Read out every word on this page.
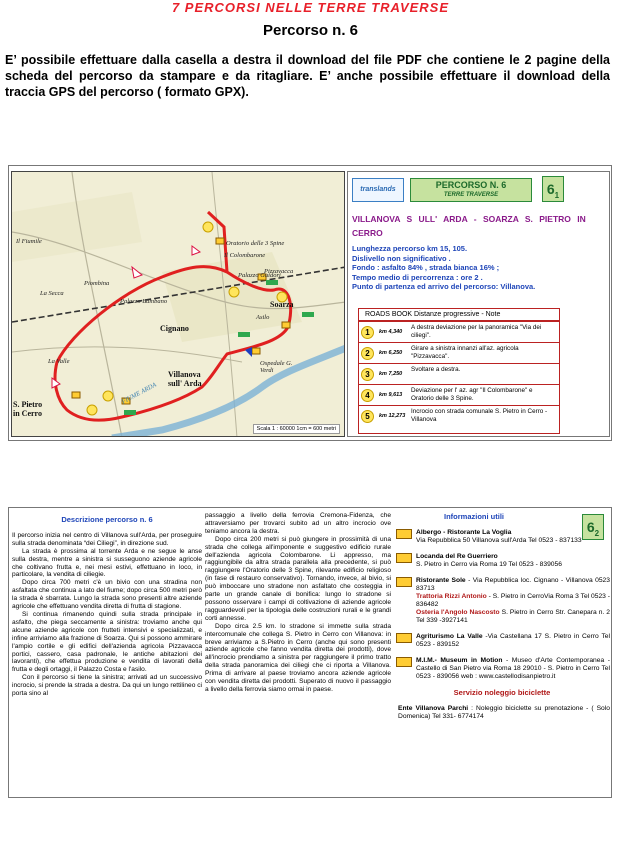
7 PERCORSI NELLE TERRE TRAVERSE
Percorso n. 6
E’ possibile effettuare dalla casella a destra il download del file PDF che contiene le 2 pagine della scheda del percorso da stampare e da ritagliare. E’ anche possibile effettuare il download della traccia GPS del percorso ( formato GPX).
Il Fiumile
La Secca
Piombina
Palazzo Bambano
Cignano
La Valle
S. Pietro in Cerro
Villanova sull' Arda
Soarza
Oratorio delle 3 Spine
Il Colombarone
Pizzavacca
Palazzo Guidori
Asilo
Ospedale G. Verdi
FIUME ARDA
Scala 1 : 60000 1cm = 600 metri
translands	PERCORSO N. 6
TERRE TRAVERSE	$6_1$
VILLANOVA S ULL' ARDA - SOARZA S. PIETRO IN CERRO
Lunghezza percorso km 15, 105.
Dislivello non significativo .
Fondo : asfalto 84% , strada bianca 16% ;
Tempo medio di percorrenza : ore 2 .
Punto di partenza ed arrivo del percorso: Villanova.
ROADS BOOK Distanze progressive - Note
1	km 4,340
A destra deviazione per la panoramica "Via dei ciliegi".
2	km 6,250
Girare a sinistra innanzi all'az. agricola "Pizzavacca".
3	km 7,250
Svoltare a destra.
4	km 9,613
Deviazione per l' az. agr "Il Colombarone" e Oratorio delle 3 Spine.
5	km 12,273
Incrocio con strada comunale S. Pietro in Cerro - Villanova
Descrizione percorso n. 6

Il percorso inizia nel centro di Villanova sull'Arda, per proseguire sulla strada denominata “dei Ciliegi”, in direzione sud.

La strada è prossima al torrente Arda e ne segue le anse sulla destra, mentre a sinistra si susseguono aziende agricole che coltivano frutta e, nei mesi estivi, effettuano in loco, in particolare, la vendita di ciliegie.

Dopo circa 700 metri c'è un bivio con una stradina non asfaltata che continua a lato del fiume; dopo circa 500 metri però la strada è sbarrata. Lungo la strada sono presenti altre aziende agricole che effettuano vendita diretta di frutta di stagione.

Si continua rimanendo quindi sulla strada principale in asfalto, che piega seccamente a sinistra: troviamo anche qui alcune aziende agricole con frutteti intensivi e specializzati, e infine arriviamo alla frazione di Soarza. Qui si possono ammirare l'ampio cortile e gli edifici dell'azienda agricola Pizzavacca portici, cassero, casa padronale, le antiche abitazioni dei lavoranti), che effettua produzione e vendita di lavorati della frutta e degli ortaggi, il Palazzo Costa e l'asilo.

Con il percorso si tiene la sinistra; arrivati ad un successivo incrocio, si prende la strada a destra. Da qui un lungo rettilineo ci porta sino al

passaggio a livello della ferrovia Cremona-Fidenza, che attraversiamo per trovarci subito ad un altro incrocio ove teniamo ancora la destra.

Dopo circa 200 metri si può giungere in prossimità di una strada che collega all'imponente e suggestivo edificio rurale dell'azienda agricola Colombarone. Li appresso, ma raggiungibile da altra strada parallela alla precedente, si può raggiungere l'Oratorio delle 3 Spine, rilevante edificio religioso (in fase di restauro conservativo). Tornando, invece, al bivio, si può imboccare uno stradone non asfaltato che costeggia in parte un grande canale di bonifica: lungo lo stradone si possono osservare i campi di coltivazione di aziende agricole ragguardevoli per la tipologia delle costruzioni rurali e le grandi corti annesse.

Dopo circa 2.5 km. lo stradone si immette sulla strada intercomunale che collega S. Pietro in Cerro con Villanova: in breve arriviamo a S.Pietro in Cerro (anche qui sono presenti aziende agricole che fanno vendita diretta dei prodotti), dove all'incrocio prendiamo a sinistra per raggiungere il primo tratto della strada panoramica dei ciliegi che ci riporta a Villanova. Prima di arrivare al paese troviamo ancora aziende agricole con vendita diretta dei prodotti. Superato di nuovo il passaggio a livello della ferrovia siamo ormai in paese.

Informazioni utili
$6_2$
Albergo - Ristorante La Voglia
Via Repubblica 50 Villanova sull'Arda Tel 0523 - 837133
Locanda del Re Guerriero
S. Pietro in Cerro via Roma 19 Tel 0523 - 839056
Ristorante Sole - Via Repubblica loc. Cignano - Villanova 0523 83713
Trattoria Rizzi Antonio - S. Pietro in CerroVia Roma 3 Tel 0523 - 836482
Osteria l'Angolo Nascosto S. Pietro in Cerro Str. Canepara n. 2 Tel 339 -3927141
Agriturismo La Valle -Via Castellana 17 S. Pietro in Cerro Tel 0523 - 839152
M.I.M.- Museum in Motion - Museo d'Arte Contemporanea - Castello di San Pietro via Roma 18 29010 - S. Pietro in Cerro Tel 0523 - 839056 web : www.castellodisanpietro.it
Servizio noleggio biciclette
Ente Villanova Parchi : Noleggio biciclette su prenotazione - ( Solo Domenica) Tel 331- 6774174
